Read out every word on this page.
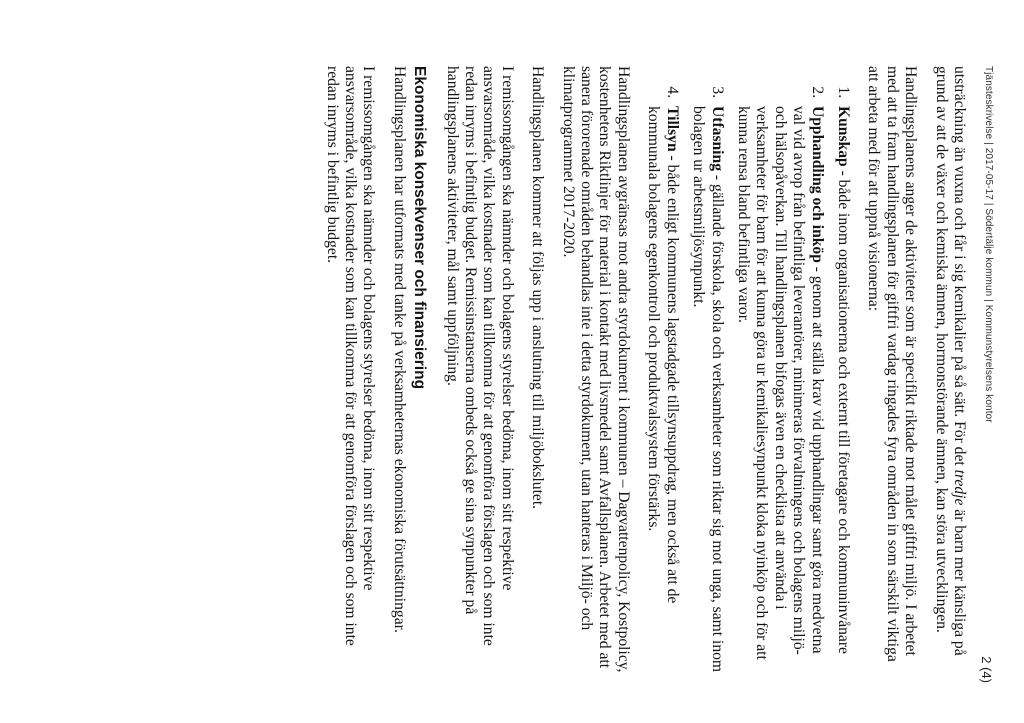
Tjänsteskrivelse | 2017-05-17 | Södertälje kommun | Kommunstyrelsens kontor
2 (4)

utsträckning än vuxna och får i sig kemikalier på så sätt. För det tredje är barn mer känsliga på grund av att de växer och kemiska ämnen, hormonstörande ämnen, kan störa utvecklingen.

Handlingsplanens anger de aktiviteter som är specifikt riktade mot målet giftfri miljö. I arbetet med att ta fram handlingsplanen för giftfri vardag ringades fyra områden in som särskilt viktiga att arbeta med för att uppnå visionerna:

1. Kunskap - både inom organisationerna och externt till företagare och kommuninvånare
2. Upphandling och inköp - genom att ställa krav vid upphandlingar samt göra medvetna val vid avrop från befintliga leverantörer, minimeras förvaltningens och bolagens miljö- och hälsopåverkan. Till handlingsplanen bifogas även en checklista att använda i verksamheter för barn för att kunna göra ur kemikaliesynpunkt kloka nyinköp och för att kunna rensa bland befintliga varor.
3. Utfasning - gällande förskola, skola och verksamheter som riktar sig mot unga, samt inom bolagen ur arbetsmiljösynpunkt.
4. Tillsyn - både enligt kommunens lagstadgade tillsynsuppdrag, men också att de kommunala bolagens egenkontroll och produktvalssystem förstärks.

Handlingsplanen avgränsas mot andra styrdokument i kommunen – Dagvattenpolicy, Kostpolicy, kostenhetens Riktlinjer för material i kontakt med livsmedel samt Avfallsplanen. Arbetet med att sanera förorenade områden behandlas inte i detta styrdokument, utan hanteras i Miljö- och klimatprogrammet 2017-2020.

Handlingsplanen kommer att följas upp i anslutning till miljöbokslutet.

I remissomgången ska nämnder och bolagens styrelser bedöma, inom sitt respektive ansvarsområde, vilka kostnader som kan tillkomma för att genomföra förslagen och som inte redan inryms i befintlig budget. Remissinstanserna ombeds också ge sina synpunkter på handlingsplanens aktiviteter, mål samt uppföljning.

Ekonomiska konsekvenser och finansiering

Handlingsplanen har utformats med tanke på verksamheternas ekonomiska förutsättningar.

I remissomgången ska nämnder och bolagens styrelser bedöma, inom sitt respektive ansvarsområde, vilka kostnader som kan tillkomma för att genomföra förslagen och som inte redan inryms i befintlig budget.
